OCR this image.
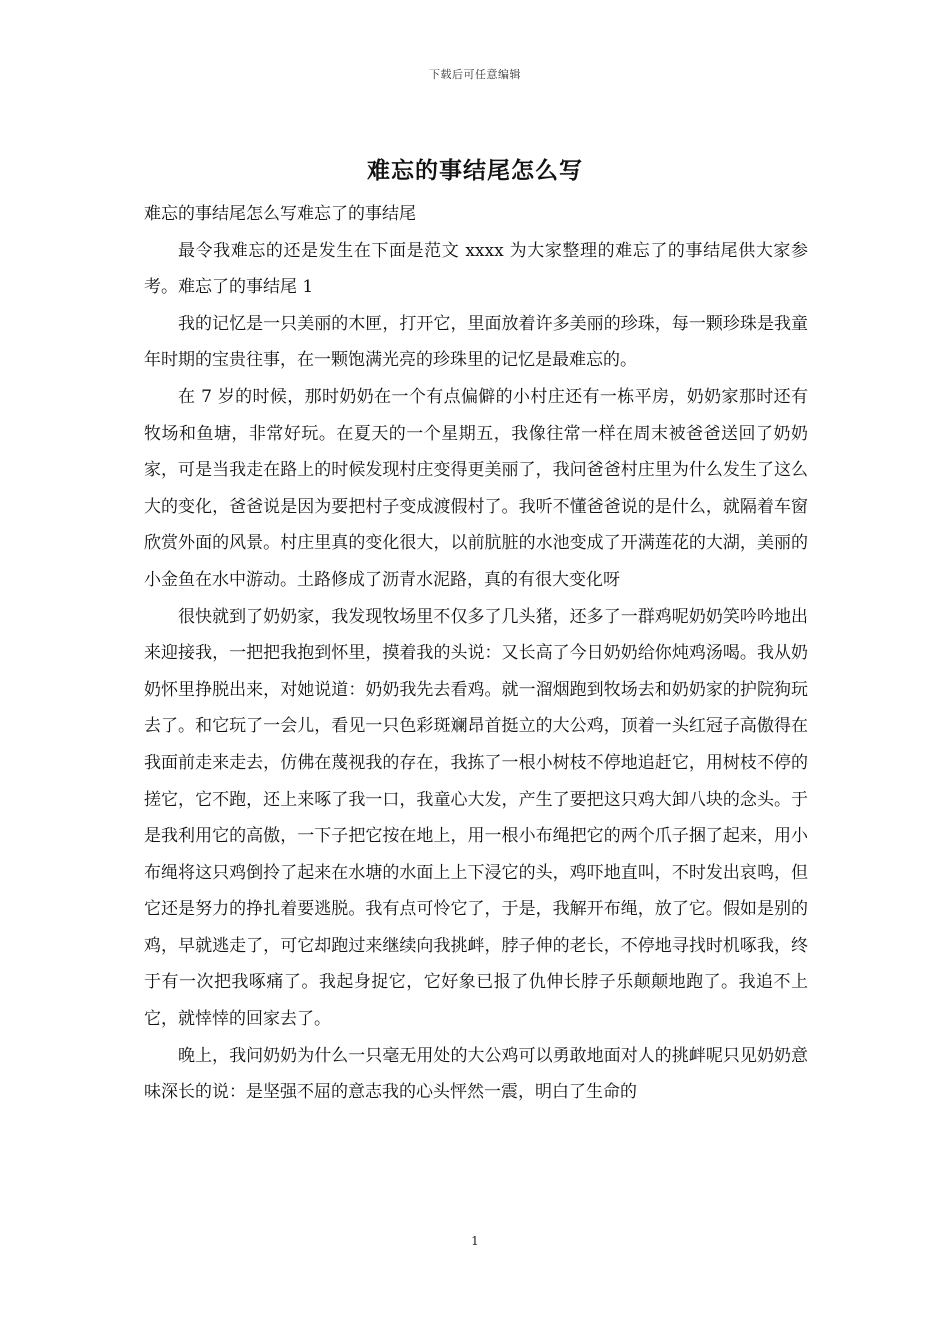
下载后可任意编辑
难忘的事结尾怎么写

难忘的事结尾怎么写难忘了的事结尾

最令我难忘的还是发生在下面是范文 xxxx 为大家整理的难忘了的事结尾供大家参考。难忘了的事结尾 1

我的记忆是一只美丽的木匣，打开它，里面放着许多美丽的珍珠，每一颗珍珠是我童年时期的宝贵往事，在一颗饱满光亮的珍珠里的记忆是最难忘的。

在 7 岁的时候，那时奶奶在一个有点偏僻的小村庄还有一栋平房，奶奶家那时还有牧场和鱼塘，非常好玩。在夏天的一个星期五，我像往常一样在周末被爸爸送回了奶奶家，可是当我走在路上的时候发现村庄变得更美丽了，我问爸爸村庄里为什么发生了这么大的变化，爸爸说是因为要把村子变成渡假村了。我听不懂爸爸说的是什么，就隔着车窗欣赏外面的风景。村庄里真的变化很大，以前肮脏的水池变成了开满莲花的大湖，美丽的小金鱼在水中游动。土路修成了沥青水泥路，真的有很大变化呀

很快就到了奶奶家，我发现牧场里不仅多了几头猪，还多了一群鸡呢奶奶笑吟吟地出来迎接我，一把把我抱到怀里，摸着我的头说：又长高了今日奶奶给你炖鸡汤喝。我从奶奶怀里挣脱出来，对她说道：奶奶我先去看鸡。就一溜烟跑到牧场去和奶奶家的护院狗玩去了。和它玩了一会儿，看见一只色彩斑斓昂首挺立的大公鸡，顶着一头红冠子高傲得在我面前走来走去，仿佛在蔑视我的存在，我拣了一根小树枝不停地追赶它，用树枝不停的搓它，它不跑，还上来啄了我一口，我童心大发，产生了要把这只鸡大卸八块的念头。于是我利用它的高傲，一下子把它按在地上，用一根小布绳把它的两个爪子捆了起来，用小布绳将这只鸡倒拎了起来在水塘的水面上上下浸它的头，鸡吓地直叫，不时发出哀鸣，但它还是努力的挣扎着要逃脱。我有点可怜它了，于是，我解开布绳，放了它。假如是别的鸡，早就逃走了，可它却跑过来继续向我挑衅，脖子伸的老长，不停地寻找时机啄我，终于有一次把我啄痛了。我起身捉它，它好象已报了仇伸长脖子乐颠颠地跑了。我追不上它，就悻悻的回家去了。

晚上，我问奶奶为什么一只毫无用处的大公鸡可以勇敢地面对人的挑衅呢只见奶奶意味深长的说：是坚强不屈的意志我的心头怦然一震，明白了生命的

1
